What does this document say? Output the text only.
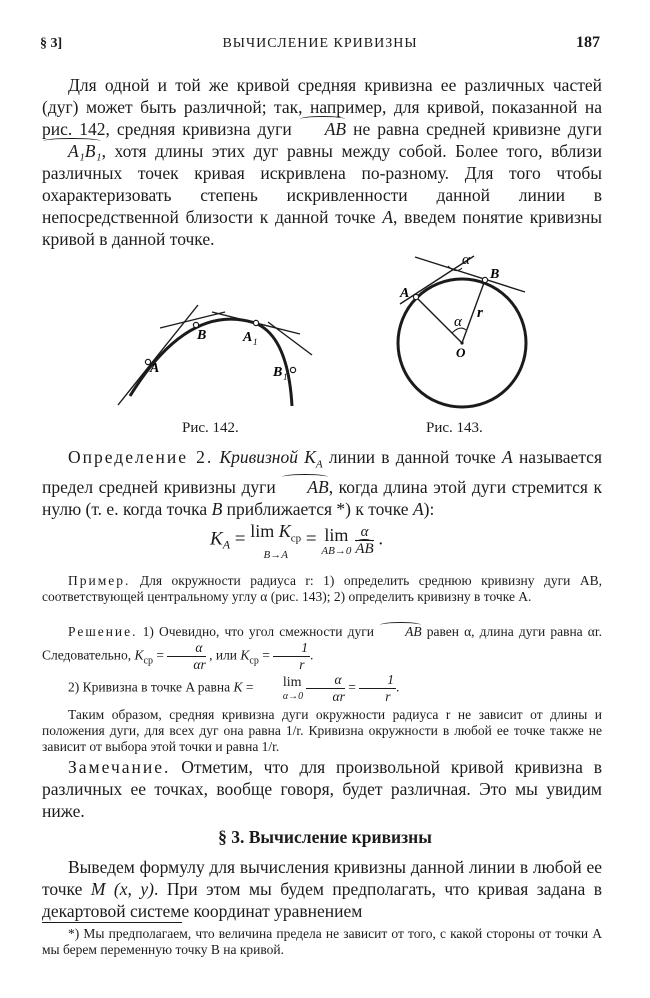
§ 3]	ВЫЧИСЛЕНИЕ КРИВИЗНЫ	187
Для одной и той же кривой средняя кривизна ее различных частей (дуг) может быть различной; так, например, для кривой, показанной на рис. 142, средняя кривизна дуги AB не равна средней кривизне дуги A₁B₁, хотя длины этих дуг равны между собой. Более того, вблизи различных точек кривая искривлена по-разному. Для того чтобы охарактеризовать степень искривленности данной линии в непосредственной близости к данной точке A, введем понятие кривизны кривой в данной точке.
A
B	A 1
B 1
Рис. 142.
A
B
O
α
α
r
Рис. 143.
Определение 2. Кривизной $K_A$ линии в данной точке A называется предел средней кривизны дуги AB, когда длина этой дуги стремится к нулю (т. е. когда точка B приближается *) к точке A):
$K_A = \lim K_{ср}$
B→A
= lim
AB→0
$\frac{\alpha}{AB}$ .
Пример. Для окружности радиуса r: 1) определить среднюю кривизну дуги AB, соответствующей центральному углу α (рис. 143); 2) определить кривизну в точке A.
Решение. 1) Очевидно, что угол смежности дуги AB равен α, длина дуги равна αr. Следовательно, $K_{ср} = \frac{\alpha}{\alpha r}$ , или $K_{ср} = \frac{1}{r}$ .
2) Кривизна в точке A равна K =	lim
α→0
$\frac{\alpha}{\alpha r} = \frac{1}{r}$ .
Таким образом, средняя кривизна дуги окружности радиуса r не зависит от длины и положения дуги, для всех дуг она равна 1/r. Кривизна окружности в любой ее точке также не зависит от выбора этой точки и равна 1/r.
Замечание. Отметим, что для произвольной кривой кривизна в различных ее точках, вообще говоря, будет различная. Это мы увидим ниже.
§ 3. Вычисление кривизны
Выведем формулу для вычисления кривизны данной линии в любой ее точке M (x, y). При этом мы будем предполагать, что кривая задана в декартовой системе координат уравнением
*) Мы предполагаем, что величина предела не зависит от того, с какой стороны от точки A мы берем переменную точку B на кривой.
